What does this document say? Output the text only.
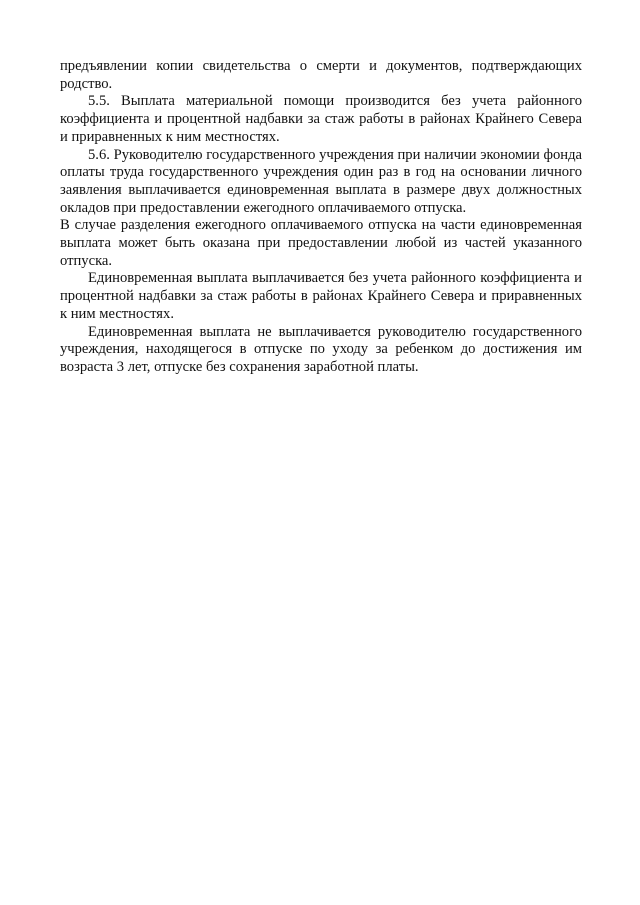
предъявлении копии свидетельства о смерти и документов, подтверждающих родство.

5.5. Выплата материальной помощи производится без учета районного коэффициента и процентной надбавки за стаж работы в районах Крайнего Севера и приравненных к ним местностях.

5.6. Руководителю государственного учреждения при наличии экономии фонда оплаты труда государственного учреждения один раз в год на основании личного заявления выплачивается единовременная выплата в размере двух должностных окладов при предоставлении ежегодного оплачиваемого отпуска.

В случае разделения ежегодного оплачиваемого отпуска на части единовременная выплата может быть оказана при предоставлении любой из частей указанного отпуска.

Единовременная выплата выплачивается без учета районного коэффициента и процентной надбавки за стаж работы в районах Крайнего Севера и приравненных к ним местностях.

Единовременная выплата не выплачивается руководителю государственного учреждения, находящегося в отпуске по уходу за ребенком до достижения им возраста 3 лет, отпуске без сохранения заработной платы.
